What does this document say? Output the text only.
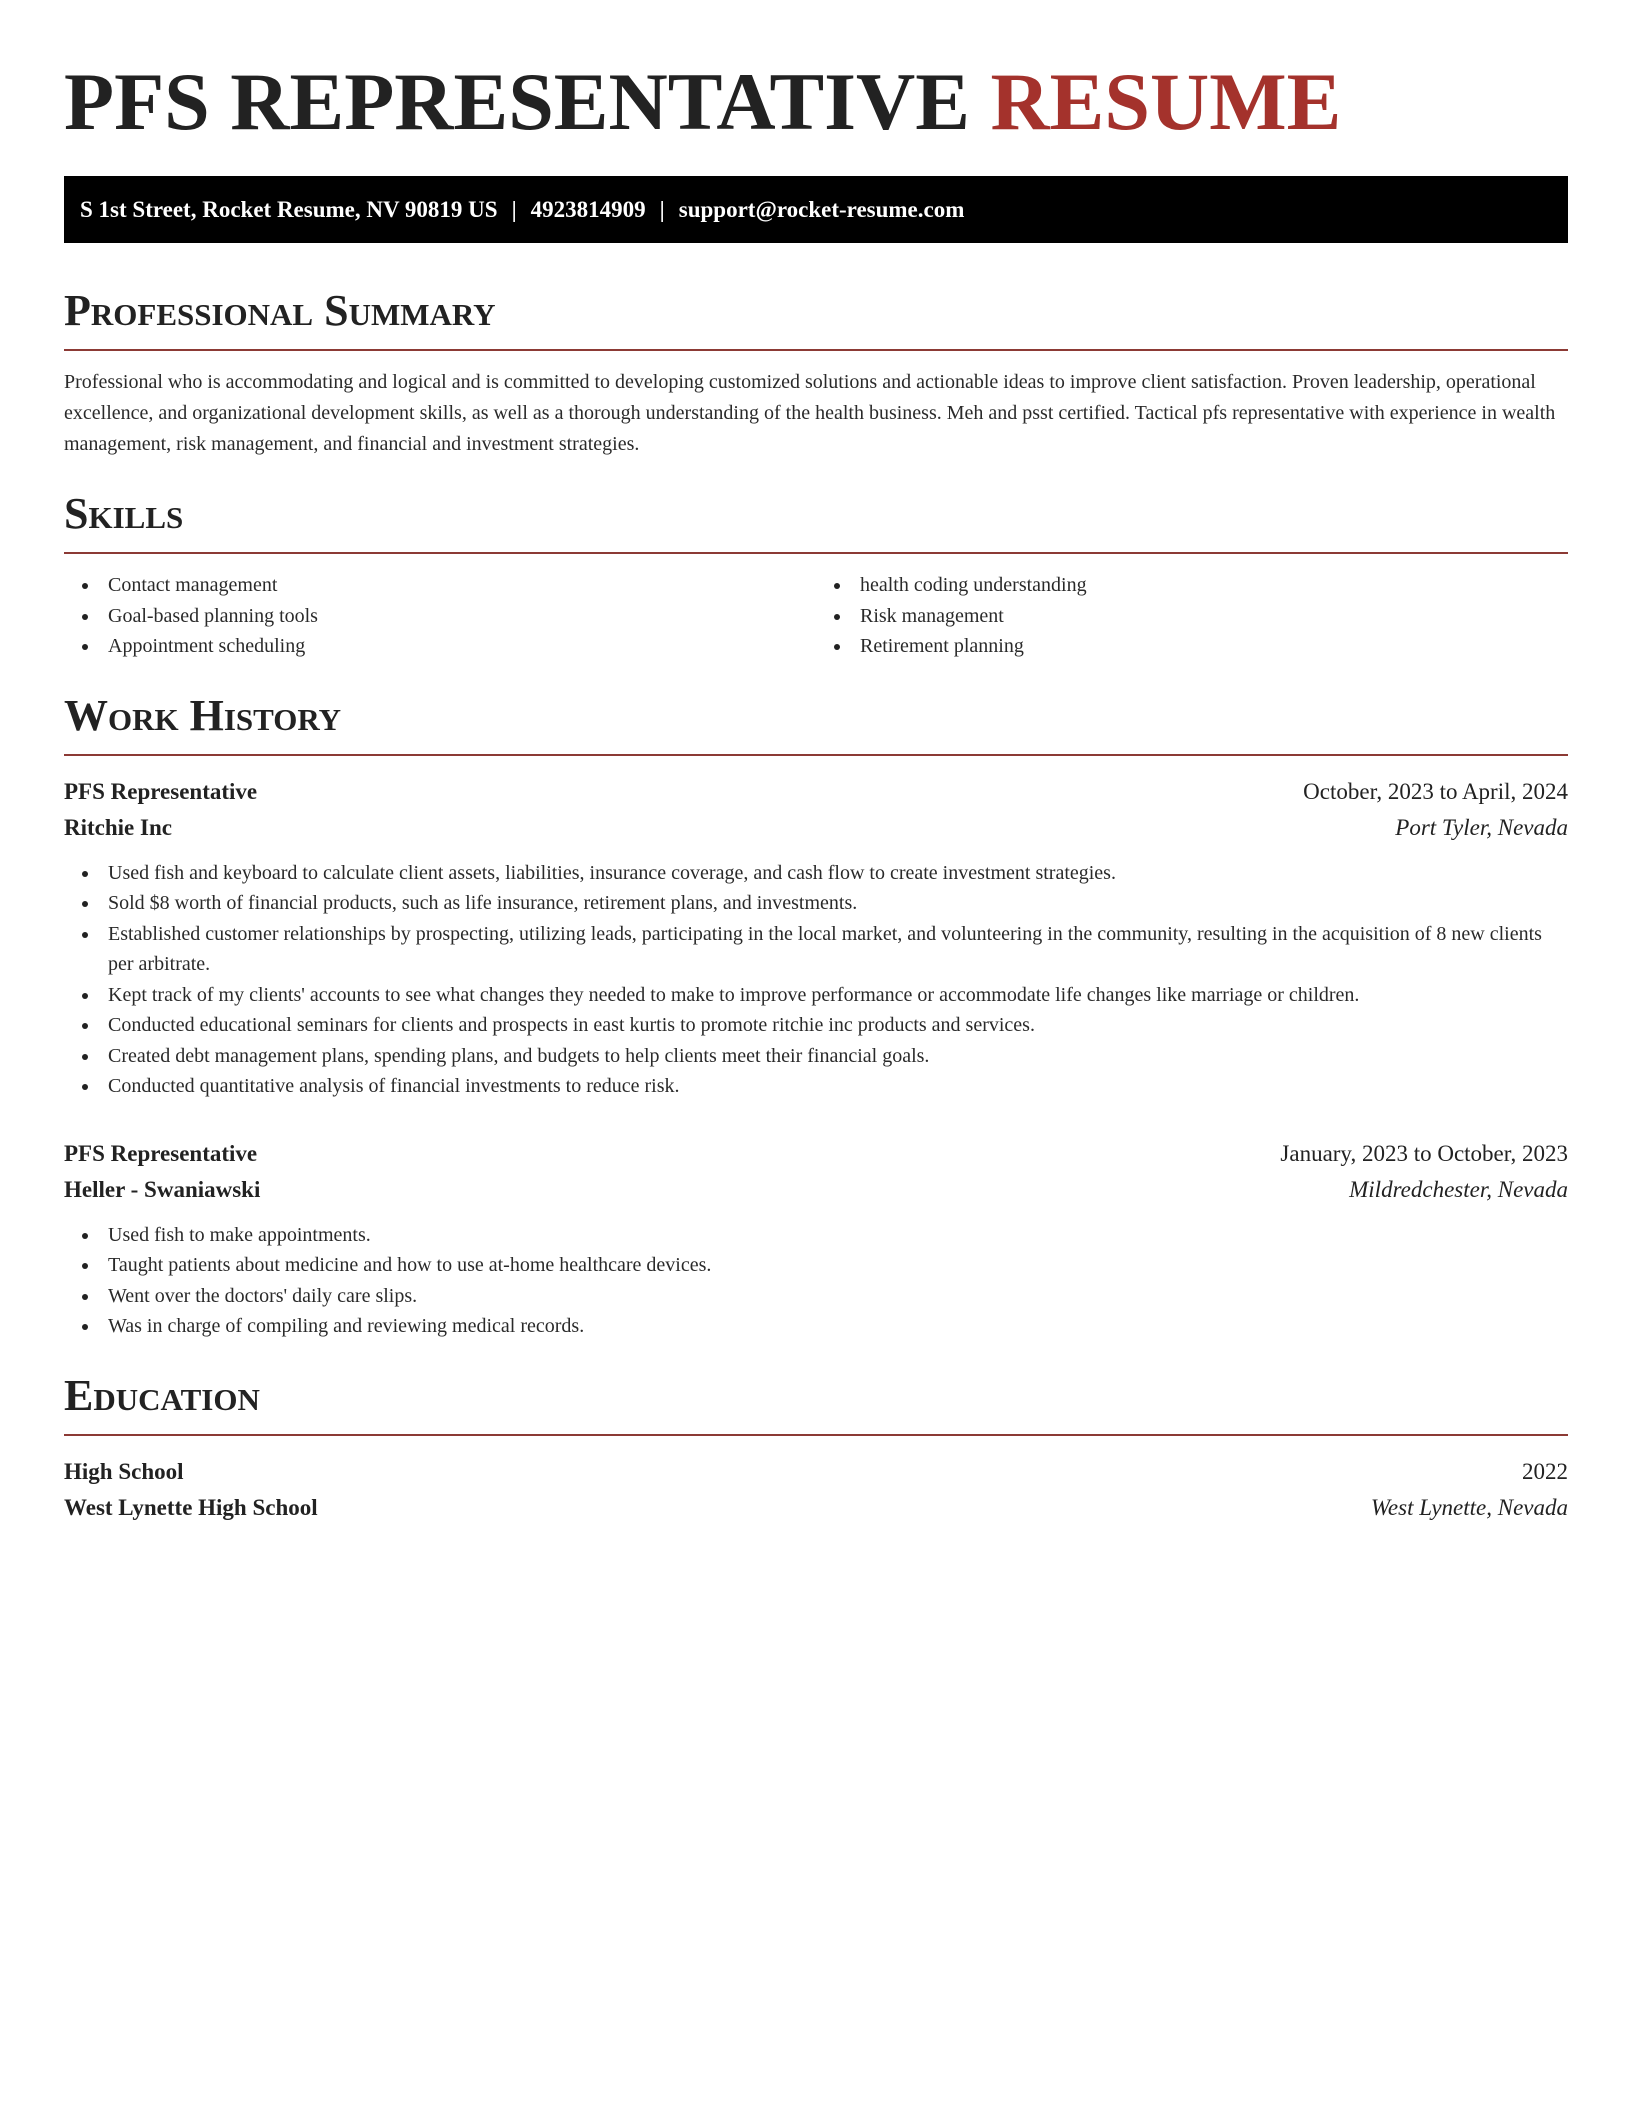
PFS REPRESENTATIVE RESUME
S 1st Street, Rocket Resume, NV 90819 US | 4923814909 | support@rocket-resume.com
Professional Summary

Professional who is accommodating and logical and is committed to developing customized solutions and actionable ideas to improve client satisfaction. Proven leadership, operational excellence, and organizational development skills, as well as a thorough understanding of the health business. Meh and psst certified. Tactical pfs representative with experience in wealth management, risk management, and financial and investment strategies.

Skills
Contact management
Goal-based planning tools
Appointment scheduling
health coding understanding
Risk management
Retirement planning
Work History
PFS Representative	October, 2023 to April, 2024
Ritchie Inc	Port Tyler, Nevada
Used fish and keyboard to calculate client assets, liabilities, insurance coverage, and cash flow to create investment strategies.
Sold $8 worth of financial products, such as life insurance, retirement plans, and investments.
Established customer relationships by prospecting, utilizing leads, participating in the local market, and volunteering in the community, resulting in the acquisition of 8 new clients per arbitrate.
Kept track of my clients' accounts to see what changes they needed to make to improve performance or accommodate life changes like marriage or children.
Conducted educational seminars for clients and prospects in east kurtis to promote ritchie inc products and services.
Created debt management plans, spending plans, and budgets to help clients meet their financial goals.
Conducted quantitative analysis of financial investments to reduce risk.
PFS Representative	January, 2023 to October, 2023
Heller - Swaniawski	Mildredchester, Nevada
Used fish to make appointments.
Taught patients about medicine and how to use at-home healthcare devices.
Went over the doctors' daily care slips.
Was in charge of compiling and reviewing medical records.
Education
High School	2022
West Lynette High School	West Lynette, Nevada
